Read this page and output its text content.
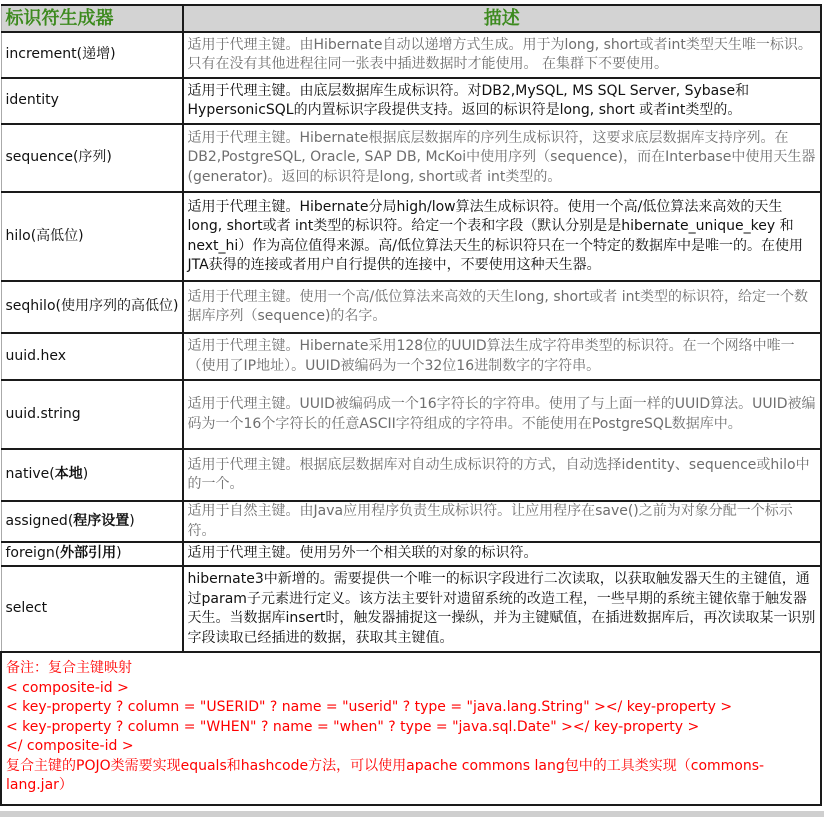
标识符生成器	描述
increment(递增)	适用于代理主键。由Hibernate自动以递增方式生成。用于为long, short或者int类型天生唯一标识。只有在没有其他进程往同一张表中插进数据时才能使用。 在集群下不要使用。
identity	适用于代理主键。由底层数据库生成标识符。对DB2,MySQL, MS SQL Server, Sybase和HypersonicSQL的内置标识字段提供支持。返回的标识符是long, short 或者int类型的。
sequence(序列)	适用于代理主键。Hibernate根据底层数据库的序列生成标识符，这要求底层数据库支持序列。在DB2,PostgreSQL, Oracle, SAP DB, McKoi中使用序列（sequence)，而在Interbase中使用天生器(generator)。返回的标识符是long, short或者 int类型的。
hilo(高低位)	适用于代理主键。Hibernate分局high/low算法生成标识符。使用一个高/低位算法来高效的天生long, short或者 int类型的标识符。给定一个表和字段（默认分别是是hibernate_unique_key 和next_hi）作为高位值得来源。高/低位算法天生的标识符只在一个特定的数据库中是唯一的。在使用JTA获得的连接或者用户自行提供的连接中，不要使用这种天生器。
seqhilo(使用序列的高低位)	适用于代理主键。使用一个高/低位算法来高效的天生long, short或者 int类型的标识符，给定一个数据库序列（sequence)的名字。
uuid.hex	适用于代理主键。Hibernate采用128位的UUID算法生成字符串类型的标识符。在一个网络中唯一（使用了IP地址）。UUID被编码为一个32位16进制数字的字符串。
uuid.string	适用于代理主键。UUID被编码成一个16字符长的字符串。使用了与上面一样的UUID算法。UUID被编码为一个16个字符长的任意ASCII字符组成的字符串。不能使用在PostgreSQL数据库中。
native(本地)	适用于代理主键。根据底层数据库对自动生成标识符的方式，自动选择identity、sequence或hilo中的一个。
assigned(程序设置)	适用于自然主键。由Java应用程序负责生成标识符。让应用程序在save()之前为对象分配一个标示符。
foreign(外部引用)	适用于代理主键。使用另外一个相关联的对象的标识符。
select	hibernate3中新增的。需要提供一个唯一的标识字段进行二次读取，以获取触发器天生的主键值，通过param子元素进行定义。该方法主要针对遗留系统的改造工程，一些早期的系统主键依靠于触发器天生。当数据库insert时，触发器捕捉这一操纵，并为主键赋值，在插进数据库后，再次读取某一识别字段读取已经插进的数据，获取其主键值。

备注：复合主键映射
< composite-id >
< key-property ? column = "USERID" ? name = "userid" ? type = "java.lang.String" ></ key-property >
< key-property ? column = "WHEN" ? name = "when" ? type = "java.sql.Date" ></ key-property >
</ composite-id >
复合主键的POJO类需要实现equals和hashcode方法，可以使用apache commons lang包中的工具类实现（commons-lang.jar）
